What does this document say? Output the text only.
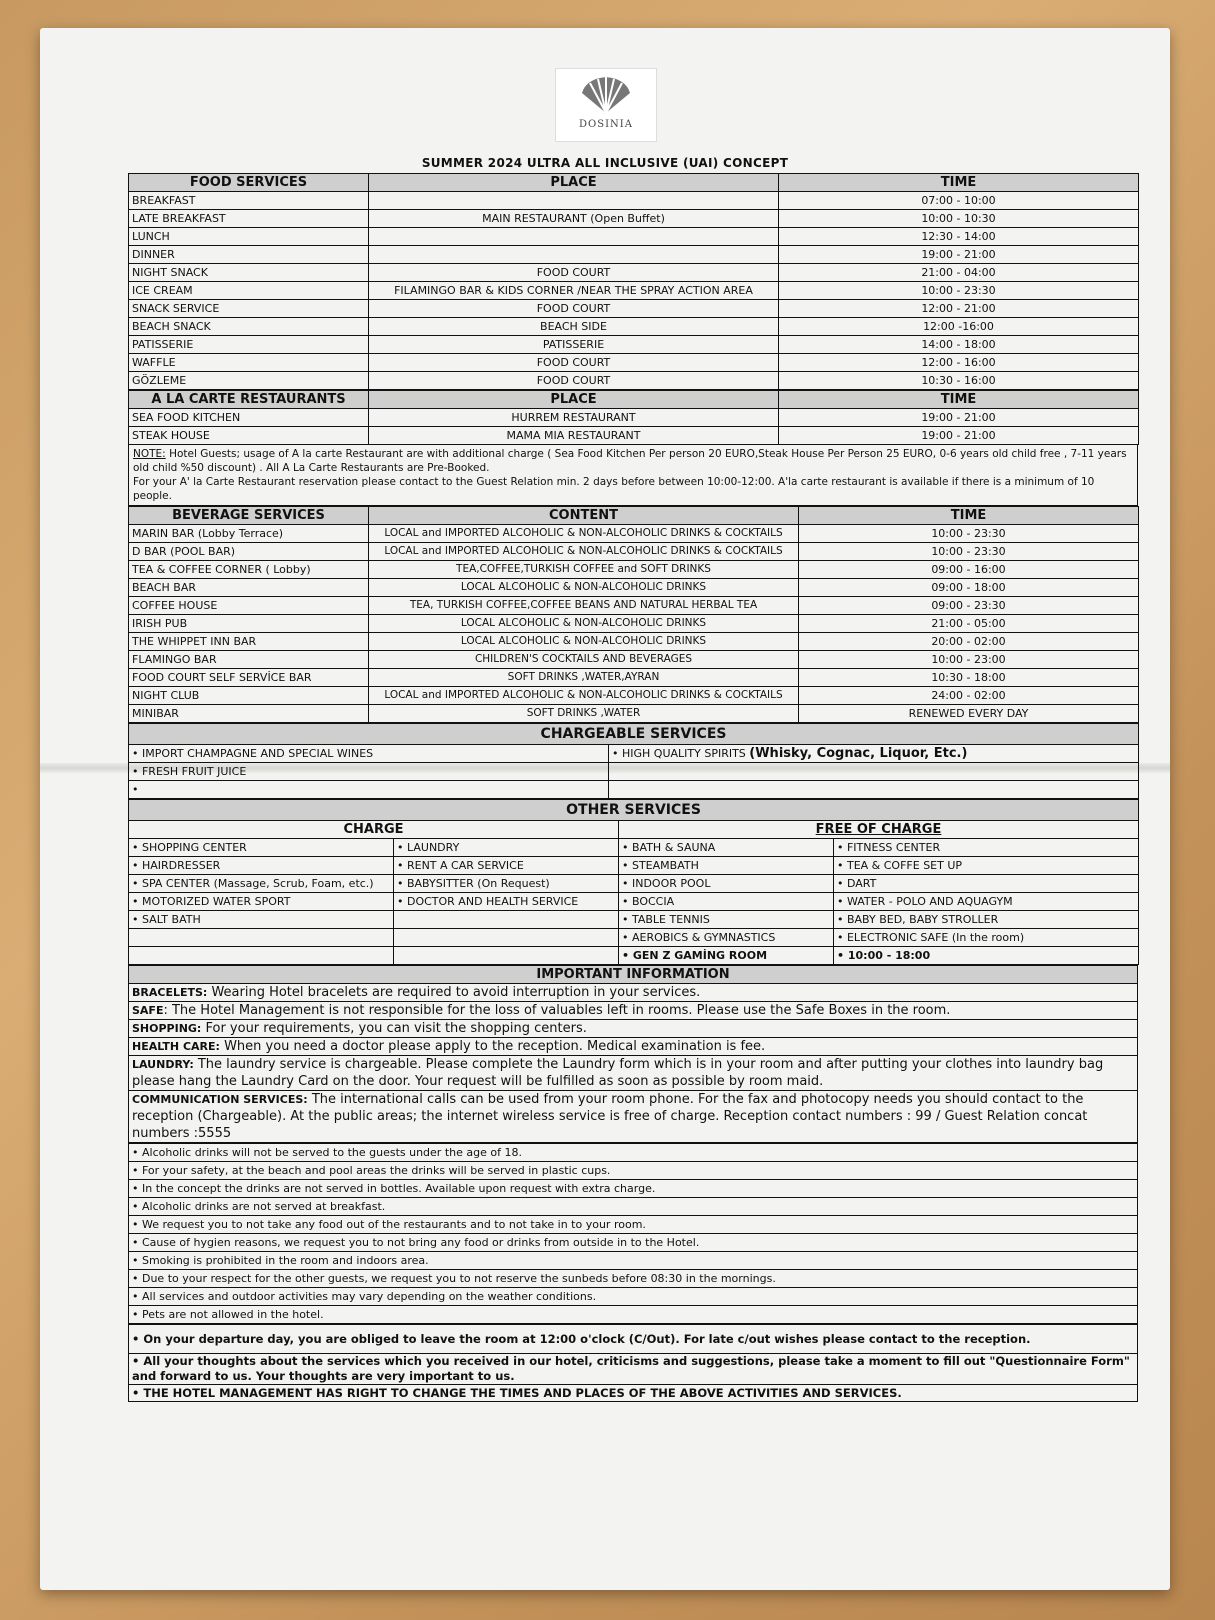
DOSINIA
SUMMER 2024 ULTRA ALL INCLUSIVE (UAI) CONCEPT
FOOD SERVICES	PLACE	TIME
BREAKFAST		07:00 - 10:00
LATE BREAKFAST	MAIN RESTAURANT (Open Buffet)	10:00 - 10:30
LUNCH		12:30 - 14:00
DINNER		19:00 - 21:00
NIGHT SNACK	FOOD COURT	21:00 - 04:00
ICE CREAM	FILAMINGO BAR & KIDS CORNER /NEAR THE SPRAY ACTION AREA	10:00 - 23:30
SNACK SERVICE	FOOD COURT	12:00 - 21:00
BEACH SNACK	BEACH SIDE	12:00 -16:00
PATISSERIE	PATISSERIE	14:00 - 18:00
WAFFLE	FOOD COURT	12:00 - 16:00
GÖZLEME	FOOD COURT	10:30 - 16:00
A LA CARTE RESTAURANTS	PLACE	TIME
SEA FOOD KITCHEN	HURREM RESTAURANT	19:00 - 21:00
STEAK HOUSE	MAMA MIA RESTAURANT	19:00 - 21:00
NOTE: Hotel Guests; usage of A la carte Restaurant are with additional charge ( Sea Food Kitchen Per person 20 EURO,Steak House Per Person 25 EURO, 0-6 years old child free , 7-11 years old child %50 discount) . All A La Carte Restaurants are Pre-Booked.
For your A' la Carte Restaurant reservation please contact to the Guest Relation min. 2 days before between 10:00-12:00. A'la carte restaurant is available if there is a minimum of 10 people.
BEVERAGE SERVICES	CONTENT	TIME
MARIN BAR (Lobby Terrace)	LOCAL and IMPORTED ALCOHOLIC & NON-ALCOHOLIC DRINKS & COCKTAILS	10:00 - 23:30
D BAR (POOL BAR)	LOCAL and IMPORTED ALCOHOLIC & NON-ALCOHOLIC DRINKS & COCKTAILS	10:00 - 23:30
TEA & COFFEE CORNER ( Lobby)	TEA,COFFEE,TURKISH COFFEE and SOFT DRINKS	09:00 - 16:00
BEACH BAR	LOCAL ALCOHOLIC & NON-ALCOHOLIC DRINKS	09:00 - 18:00
COFFEE HOUSE	TEA, TURKISH COFFEE,COFFEE BEANS AND NATURAL HERBAL TEA	09:00 - 23:30
IRISH PUB	LOCAL ALCOHOLIC & NON-ALCOHOLIC DRINKS	21:00 - 05:00
THE WHIPPET INN BAR	LOCAL ALCOHOLIC & NON-ALCOHOLIC DRINKS	20:00 - 02:00
FLAMINGO BAR	CHILDREN'S COCKTAILS AND BEVERAGES	10:00 - 23:00
FOOD COURT SELF SERVİCE BAR	SOFT DRINKS ,WATER,AYRAN	10:30 - 18:00
NIGHT CLUB	LOCAL and IMPORTED ALCOHOLIC & NON-ALCOHOLIC DRINKS & COCKTAILS	24:00 - 02:00
MINIBAR	SOFT DRINKS ,WATER	RENEWED EVERY DAY
CHARGEABLE SERVICES	
• IMPORT CHAMPAGNE AND SPECIAL WINES	• HIGH QUALITY SPIRITS (Whisky, Cognac, Liquor, Etc.)
• FRESH FRUIT JUICE	
•	
OTHER SERVICES			
CHARGE		FREE OF CHARGE	
• SHOPPING CENTER	• LAUNDRY	• BATH & SAUNA	• FITNESS CENTER
• HAIRDRESSER	• RENT A CAR SERVICE	• STEAMBATH	• TEA & COFFE SET UP
• SPA CENTER (Massage, Scrub, Foam, etc.)	• BABYSITTER (On Request)	• INDOOR POOL	• DART
• MOTORIZED WATER SPORT	• DOCTOR AND HEALTH SERVICE	• BOCCIA	• WATER - POLO AND AQUAGYM
• SALT BATH		• TABLE TENNIS	• BABY BED, BABY STROLLER
		• AEROBICS & GYMNASTICS	• ELECTRONIC SAFE (In the room)
		• GEN Z GAMİNG ROOM	• 10:00 - 18:00
IMPORTANT INFORMATION
BRACELETS: Wearing Hotel bracelets are required to avoid interruption in your services.
SAFE: The Hotel Management is not responsible for the loss of valuables left in rooms. Please use the Safe Boxes in the room.
SHOPPING: For your requirements, you can visit the shopping centers.
HEALTH CARE: When you need a doctor please apply to the reception. Medical examination is fee.
LAUNDRY: The laundry service is chargeable. Please complete the Laundry form which is in your room and after putting your clothes into laundry bag please hang the Laundry Card on the door. Your request will be fulfilled as soon as possible by room maid.
COMMUNICATION SERVICES: The international calls can be used from your room phone. For the fax and photocopy needs you should contact to the reception (Chargeable). At the public areas; the internet wireless service is free of charge. Reception contact numbers : 99 / Guest Relation concat numbers :5555
• Alcoholic drinks will not be served to the guests under the age of 18.
• For your safety, at the beach and pool areas the drinks will be served in plastic cups.
• In the concept the drinks are not served in bottles. Available upon request with extra charge.
• Alcoholic drinks are not served at breakfast.
• We request you to not take any food out of the restaurants and to not take in to your room.
• Cause of hygien reasons, we request you to not bring any food or drinks from outside in to the Hotel.
• Smoking is prohibited in the room and indoors area.
• Due to your respect for the other guests, we request you to not reserve the sunbeds before 08:30 in the mornings.
• All services and outdoor activities may vary depending on the weather conditions.
• Pets are not allowed in the hotel.
• On your departure day, you are obliged to leave the room at 12:00 o'clock (C/Out). For late c/out wishes please contact to the reception.
• All your thoughts about the services which you received in our hotel, criticisms and suggestions, please take a moment to fill out "Questionnaire Form" and forward to us. Your thoughts are very important to us.
• THE HOTEL MANAGEMENT HAS RIGHT TO CHANGE THE TIMES AND PLACES OF THE ABOVE ACTIVITIES AND SERVICES.
